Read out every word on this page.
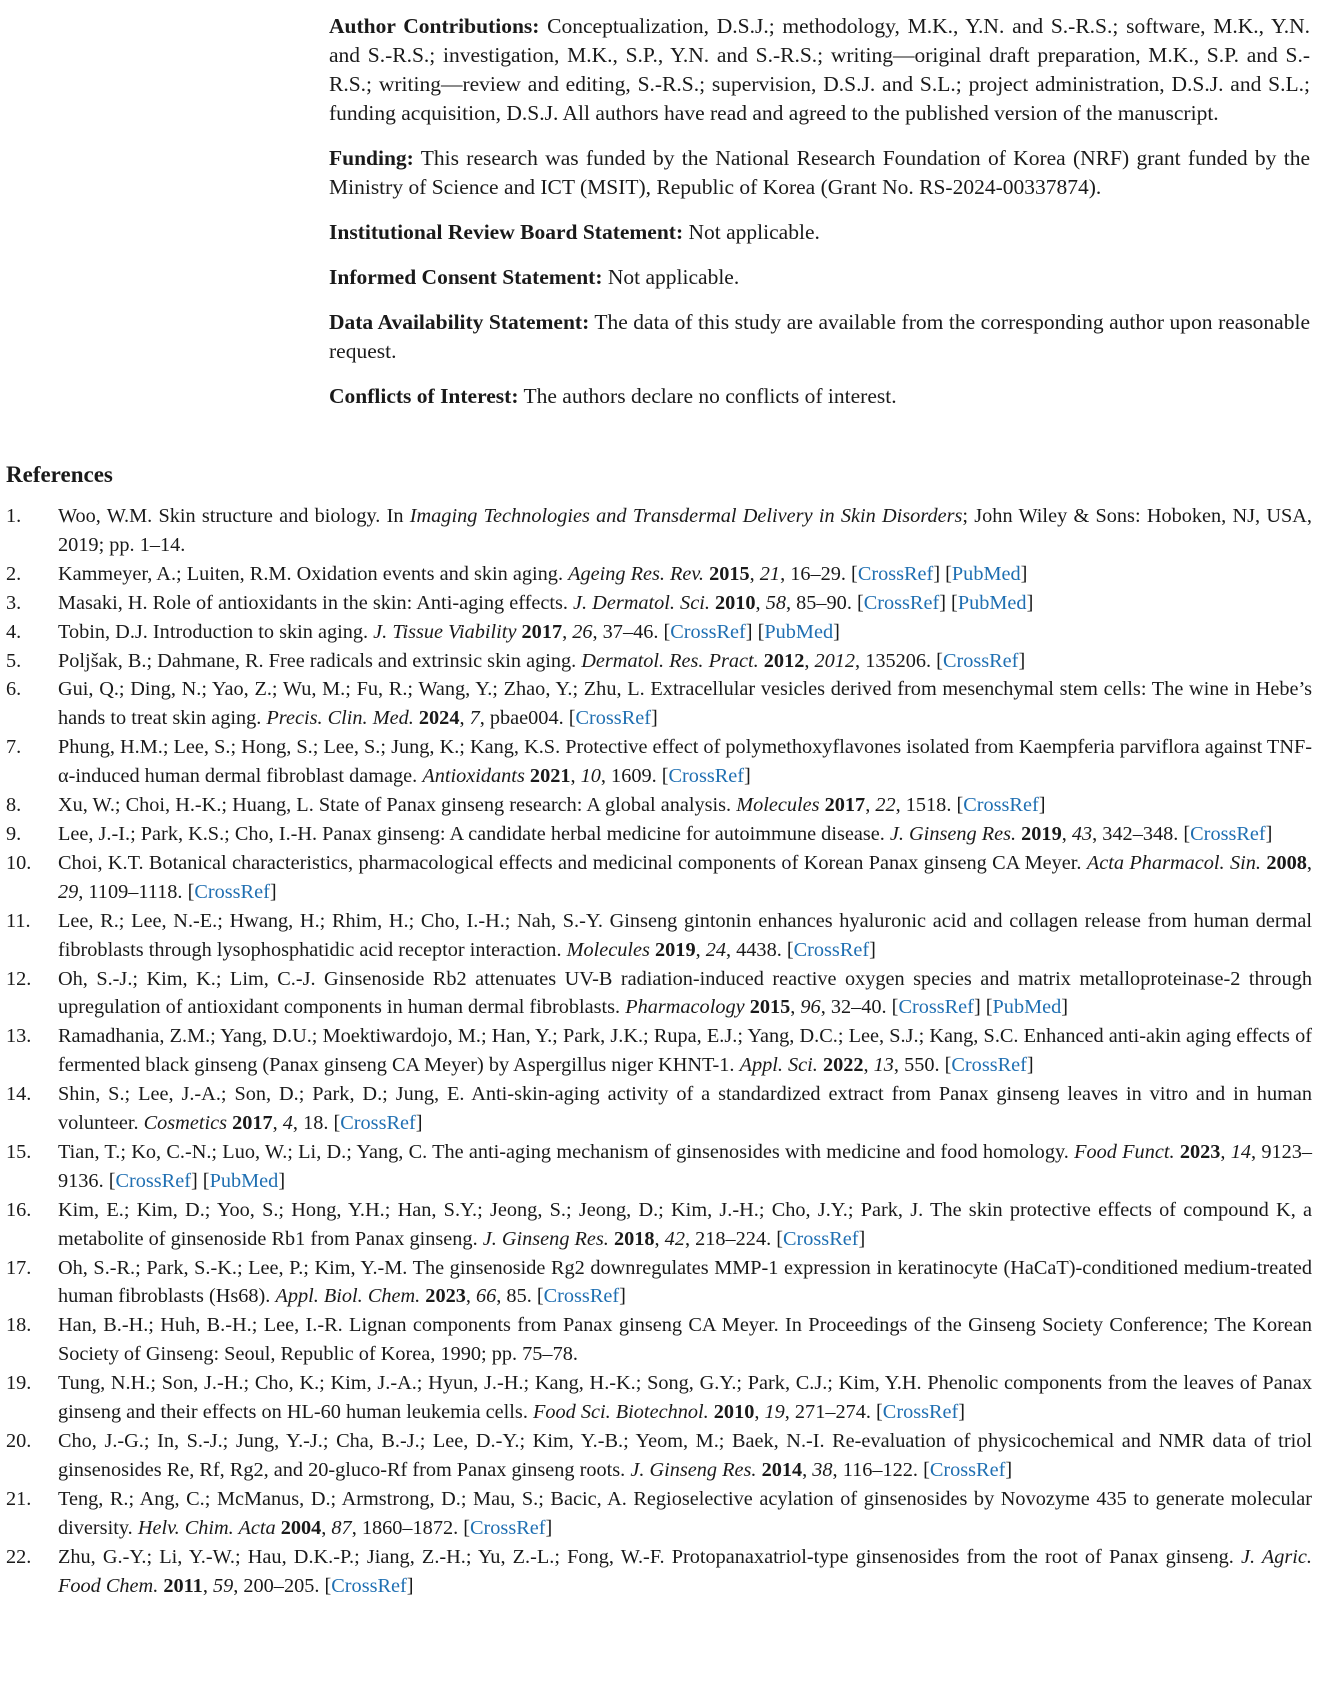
Author Contributions: Conceptualization, D.S.J.; methodology, M.K., Y.N. and S.-R.S.; software, M.K., Y.N. and S.-R.S.; investigation, M.K., S.P., Y.N. and S.-R.S.; writing—original draft preparation, M.K., S.P. and S.-R.S.; writing—review and editing, S.-R.S.; supervision, D.S.J. and S.L.; project administration, D.S.J. and S.L.; funding acquisition, D.S.J. All authors have read and agreed to the published version of the manuscript.

Funding: This research was funded by the National Research Foundation of Korea (NRF) grant funded by the Ministry of Science and ICT (MSIT), Republic of Korea (Grant No. RS-2024-00337874).

Institutional Review Board Statement: Not applicable.

Informed Consent Statement: Not applicable.

Data Availability Statement: The data of this study are available from the corresponding author upon reasonable request.

Conflicts of Interest: The authors declare no conflicts of interest.

References
1. Woo, W.M. Skin structure and biology. In Imaging Technologies and Transdermal Delivery in Skin Disorders; John Wiley & Sons: Hoboken, NJ, USA, 2019; pp. 1–14.
2. Kammeyer, A.; Luiten, R.M. Oxidation events and skin aging. Ageing Res. Rev. 2015, 21, 16–29. [CrossRef] [PubMed]
3. Masaki, H. Role of antioxidants in the skin: Anti-aging effects. J. Dermatol. Sci. 2010, 58, 85–90. [CrossRef] [PubMed]
4. Tobin, D.J. Introduction to skin aging. J. Tissue Viability 2017, 26, 37–46. [CrossRef] [PubMed]
5. Poljšak, B.; Dahmane, R. Free radicals and extrinsic skin aging. Dermatol. Res. Pract. 2012, 2012, 135206. [CrossRef]
6. Gui, Q.; Ding, N.; Yao, Z.; Wu, M.; Fu, R.; Wang, Y.; Zhao, Y.; Zhu, L. Extracellular vesicles derived from mesenchymal stem cells: The wine in Hebe’s hands to treat skin aging. Precis. Clin. Med. 2024, 7, pbae004. [CrossRef]
7. Phung, H.M.; Lee, S.; Hong, S.; Lee, S.; Jung, K.; Kang, K.S. Protective effect of polymethoxyflavones isolated from Kaempferia parviflora against TNF-α-induced human dermal fibroblast damage. Antioxidants 2021, 10, 1609. [CrossRef]
8. Xu, W.; Choi, H.-K.; Huang, L. State of Panax ginseng research: A global analysis. Molecules 2017, 22, 1518. [CrossRef]
9. Lee, J.-I.; Park, K.S.; Cho, I.-H. Panax ginseng: A candidate herbal medicine for autoimmune disease. J. Ginseng Res. 2019, 43, 342–348. [CrossRef]
10. Choi, K.T. Botanical characteristics, pharmacological effects and medicinal components of Korean Panax ginseng CA Meyer. Acta Pharmacol. Sin. 2008, 29, 1109–1118. [CrossRef]
11. Lee, R.; Lee, N.-E.; Hwang, H.; Rhim, H.; Cho, I.-H.; Nah, S.-Y. Ginseng gintonin enhances hyaluronic acid and collagen release from human dermal fibroblasts through lysophosphatidic acid receptor interaction. Molecules 2019, 24, 4438. [CrossRef]
12. Oh, S.-J.; Kim, K.; Lim, C.-J. Ginsenoside Rb2 attenuates UV-B radiation-induced reactive oxygen species and matrix metalloproteinase-2 through upregulation of antioxidant components in human dermal fibroblasts. Pharmacology 2015, 96, 32–40. [CrossRef] [PubMed]
13. Ramadhania, Z.M.; Yang, D.U.; Moektiwardojo, M.; Han, Y.; Park, J.K.; Rupa, E.J.; Yang, D.C.; Lee, S.J.; Kang, S.C. Enhanced anti-akin aging effects of fermented black ginseng (Panax ginseng CA Meyer) by Aspergillus niger KHNT-1. Appl. Sci. 2022, 13, 550. [CrossRef]
14. Shin, S.; Lee, J.-A.; Son, D.; Park, D.; Jung, E. Anti-skin-aging activity of a standardized extract from Panax ginseng leaves in vitro and in human volunteer. Cosmetics 2017, 4, 18. [CrossRef]
15. Tian, T.; Ko, C.-N.; Luo, W.; Li, D.; Yang, C. The anti-aging mechanism of ginsenosides with medicine and food homology. Food Funct. 2023, 14, 9123–9136. [CrossRef] [PubMed]
16. Kim, E.; Kim, D.; Yoo, S.; Hong, Y.H.; Han, S.Y.; Jeong, S.; Jeong, D.; Kim, J.-H.; Cho, J.Y.; Park, J. The skin protective effects of compound K, a metabolite of ginsenoside Rb1 from Panax ginseng. J. Ginseng Res. 2018, 42, 218–224. [CrossRef]
17. Oh, S.-R.; Park, S.-K.; Lee, P.; Kim, Y.-M. The ginsenoside Rg2 downregulates MMP-1 expression in keratinocyte (HaCaT)-conditioned medium-treated human fibroblasts (Hs68). Appl. Biol. Chem. 2023, 66, 85. [CrossRef]
18. Han, B.-H.; Huh, B.-H.; Lee, I.-R. Lignan components from Panax ginseng CA Meyer. In Proceedings of the Ginseng Society Conference; The Korean Society of Ginseng: Seoul, Republic of Korea, 1990; pp. 75–78.
19. Tung, N.H.; Son, J.-H.; Cho, K.; Kim, J.-A.; Hyun, J.-H.; Kang, H.-K.; Song, G.Y.; Park, C.J.; Kim, Y.H. Phenolic components from the leaves of Panax ginseng and their effects on HL-60 human leukemia cells. Food Sci. Biotechnol. 2010, 19, 271–274. [CrossRef]
20. Cho, J.-G.; In, S.-J.; Jung, Y.-J.; Cha, B.-J.; Lee, D.-Y.; Kim, Y.-B.; Yeom, M.; Baek, N.-I. Re-evaluation of physicochemical and NMR data of triol ginsenosides Re, Rf, Rg2, and 20-gluco-Rf from Panax ginseng roots. J. Ginseng Res. 2014, 38, 116–122. [CrossRef]
21. Teng, R.; Ang, C.; McManus, D.; Armstrong, D.; Mau, S.; Bacic, A. Regioselective acylation of ginsenosides by Novozyme 435 to generate molecular diversity. Helv. Chim. Acta 2004, 87, 1860–1872. [CrossRef]
22. Zhu, G.-Y.; Li, Y.-W.; Hau, D.K.-P.; Jiang, Z.-H.; Yu, Z.-L.; Fong, W.-F. Protopanaxatriol-type ginsenosides from the root of Panax ginseng. J. Agric. Food Chem. 2011, 59, 200–205. [CrossRef]
